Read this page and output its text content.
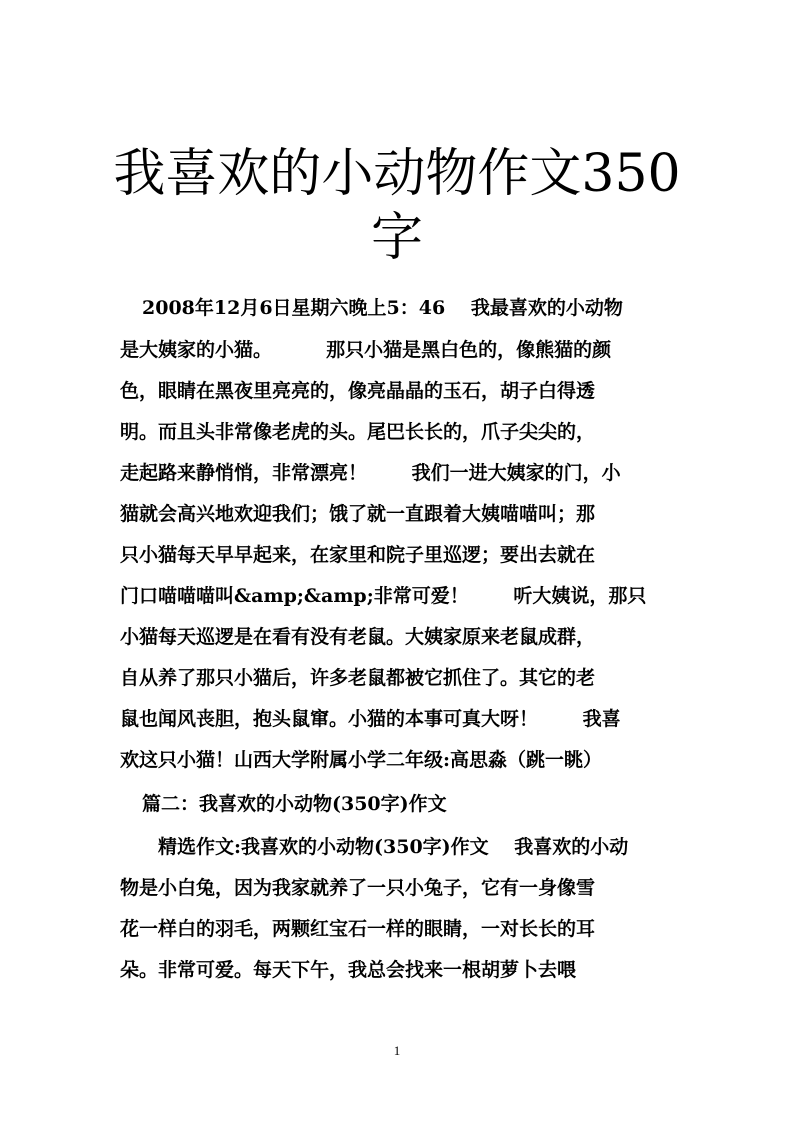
我喜欢的小动物作文350
字
2008年12月6日星期六晚上5：46　 我最喜欢的小动物
是大姨家的小猫。　　　 那只小猫是黑白色的，像熊猫的颜
色，眼睛在黑夜里亮亮的，像亮晶晶的玉石，胡子白得透
明。而且头非常像老虎的头。尾巴长长的，爪子尖尖的，
走起路来静悄悄，非常漂亮！　　 我们一进大姨家的门，小
猫就会高兴地欢迎我们；饿了就一直跟着大姨喵喵叫；那
只小猫每天早早起来，在家里和院子里巡逻；要出去就在
门口喵喵喵叫&amp;&amp;非常可爱！　　 听大姨说，那只
小猫每天巡逻是在看有没有老鼠。大姨家原来老鼠成群，
自从养了那只小猫后，许多老鼠都被它抓住了。其它的老
鼠也闻风丧胆，抱头鼠窜。小猫的本事可真大呀！　　 我喜
欢这只小猫！山西大学附属小学二年级:高思淼（跳一眺）
篇二：我喜欢的小动物(350字)作文
精选作文:我喜欢的小动物(350字)作文　 我喜欢的小动
物是小白兔，因为我家就养了一只小兔子，它有一身像雪
花一样白的羽毛，两颗红宝石一样的眼睛，一对长长的耳
朵。非常可爱。每天下午，我总会找来一根胡萝卜去喂
1
